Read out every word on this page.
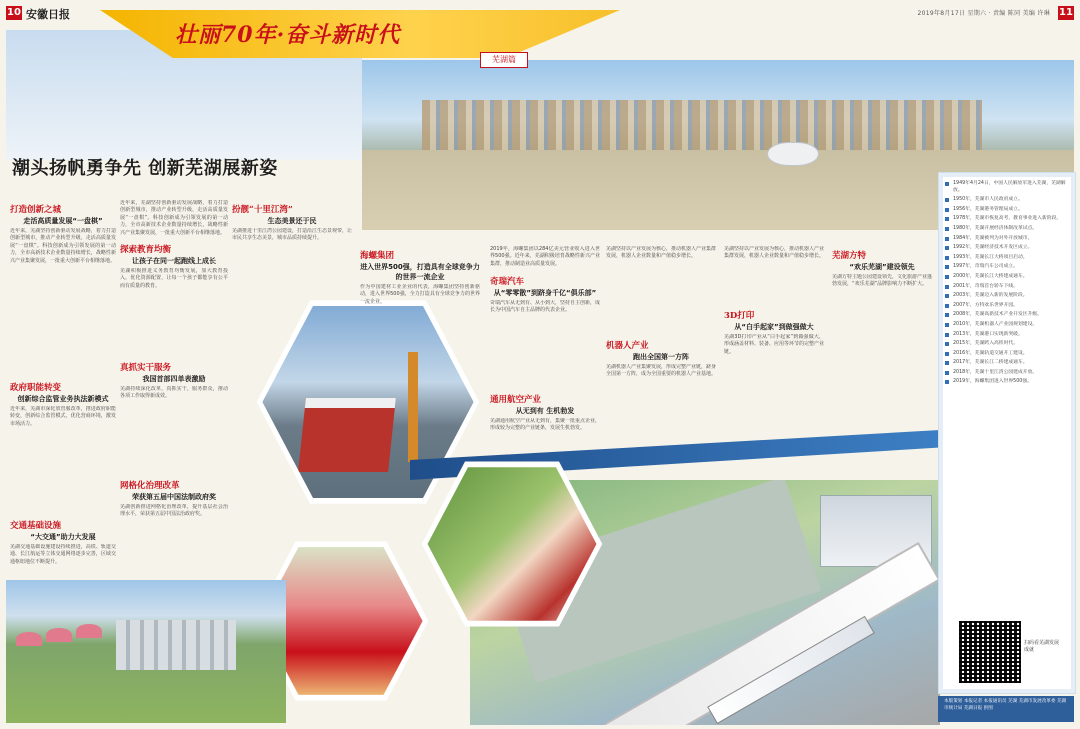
10 安徽日报	2019年8月17日 星期六 · 责编 陈同 美编 许琳 11
壮丽70年·奋斗新时代
芜湖篇
潮头扬帆勇争先 创新芜湖展新姿
打造创新之城
走活高质量发展“一盘棋”
近年来，芜湖坚持创新驱动发展战略，着力打造创新型城市，推动产业转型升级，走活高质量发展“一盘棋”。科技创新成为引领发展的第一动力，全市高新技术企业数量持续增长，战略性新兴产业集聚发展，一批重大创新平台相继落地。
政府职能转变
创新综合监管业务执法新模式
近年来，芜湖市深化放管服改革，推进政府职能转变，创新综合监管模式，优化营商环境，激发市场活力。
交通基础设施
“大交通”助力大发展
芜湖交通基础设施建设持续推进，高铁、轨道交通、长江航运等立体交通网络逐步完善，区域交通枢纽地位不断提升。
近年来，芜湖坚持创新驱动发展战略，着力打造创新型城市，推动产业转型升级，走活高质量发展“一盘棋”。科技创新成为引领发展的第一动力，全市高新技术企业数量持续增长，战略性新兴产业集聚发展，一批重大创新平台相继落地。
探索教育均衡
让孩子在同一起跑线上成长
芜湖积极推进义务教育均衡发展，加大教育投入，优化资源配置，让每一个孩子都能享有公平而有质量的教育。
真抓实干服务
我国首部四单表激励
芜湖持续深化改革，真抓实干，服务群众，推动各项工作取得新成效。
网格化治理改革
荣获第五届中国法制政府奖
芜湖创新推进网格化治理改革，提升基层社会治理水平，荣获第五届中国法治政府奖。
扮靓“十里江湾”
生态美景还于民
芜湖推进十里江湾公园建设，打造沿江生态景观带，让市民共享生态美景，城市品质持续提升。
海螺集团
进入世界500强，打造具有全球竞争力的世界一流企业
作为中国建材工业企业的代表，海螺集团坚持创新驱动，进入世界500强，全力打造具有全球竞争力的世界一流企业。
2019年，海螺集团以284亿美元营业收入进入世界500强。近年来，芜湖积极培育战略性新兴产业集群，推动制造业高质量发展。
奇瑞汽车
从“零零散”到跻身千亿“俱乐部”
奇瑞汽车从无到有、从小到大，坚持自主创新，成长为中国汽车自主品牌的代表企业。
通用航空产业
从无到有 生机勃发
芜湖通用航空产业从无到有，集聚一批重点企业，形成较为完整的产业链条，发展生机勃发。
芜湖坚持以产业发展为核心，推动机器人产业集群发展，机器人企业数量和产值稳步增长。
机器人产业
跑出全国第一方阵
芜湖机器人产业集聚发展，形成完整产业链，跻身全国第一方阵，成为全国重要的机器人产业基地。
芜湖坚持以产业发展为核心，推动机器人产业集群发展，机器人企业数量和产值稳步增长。
3D打印
从“白手起家”到做强做大
芜湖3D打印产业从“白手起家”到做强做大，形成涵盖材料、装备、应用等环节的完整产业链。
芜湖方特
“欢乐芜湖”建设领先
芜湖方特主题公园建设领先，文化旅游产业蓬勃发展，“欢乐芜湖”品牌影响力不断扩大。
1949年4月24日，中国人民解放军进入芜湖，芜湖解放。
1950年，芜湖市人民政府成立。
1956年，芜湖港务管理局成立。
1978年，芜湖市恢复高考，教育事业进入新阶段。
1980年，芜湖开展经济体制改革试点。
1984年，芜湖被列为对外开放城市。
1992年，芜湖经济技术开发区成立。
1993年，芜湖长江大桥项目启动。
1997年，奇瑞汽车公司成立。
2000年，芜湖长江大桥建成通车。
2001年，奇瑞首台轿车下线。
2003年，芜湖迈入新的发展阶段。
2007年，方特欢乐世界开园。
2008年，芜湖高新技术产业开发区升级。
2010年，芜湖机器人产业园规划建设。
2013年，芜湖港口实现新突破。
2015年，芜湖跨入高铁时代。
2016年，芜湖轨道交通开工建设。
2017年，芜湖长江二桥建成通车。
2018年，芜湖十里江湾公园建成开放。
2019年，海螺集团进入世界500强。
扫码看芜湖发展成就
本版策划 本报记者 本报通讯员 芜湖 芜湖市发展改革委 芜湖市统计局 芜湖日报 供图
